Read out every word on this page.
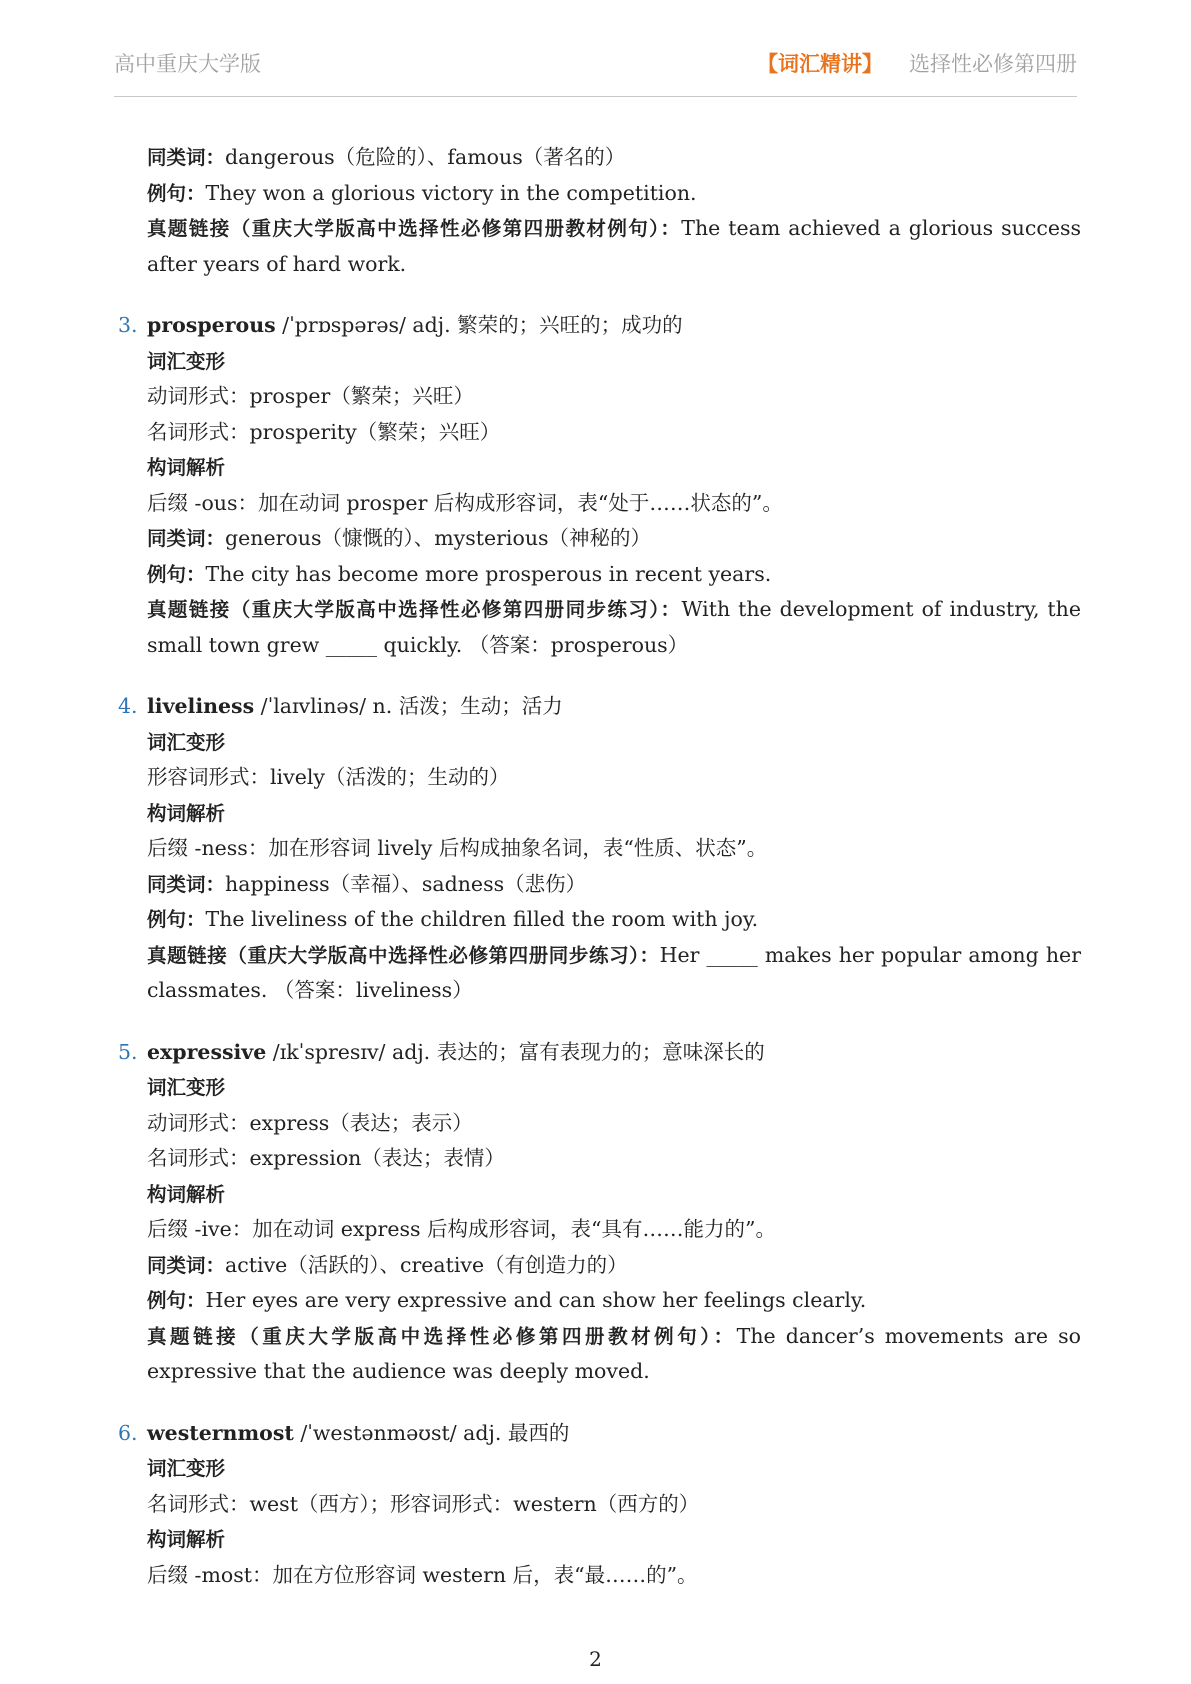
高中重庆大学版	【词汇精讲】 选择性必修第四册
同类词：dangerous（危险的）、famous（著名的）
例句：They won a glorious victory in the competition.
真题链接（重庆大学版高中选择性必修第四册教材例句）：The team achieved a glorious success after years of hard work.
3. prosperous /ˈprɒspərəs/ adj. 繁荣的；兴旺的；成功的
词汇变形
动词形式：prosper（繁荣；兴旺）
名词形式：prosperity（繁荣；兴旺）
构词解析
后缀 -ous：加在动词 prosper 后构成形容词，表“处于……状态的”。
同类词：generous（慷慨的）、mysterious（神秘的）
例句：The city has become more prosperous in recent years.
真题链接（重庆大学版高中选择性必修第四册同步练习）：With the development of industry, the small town grew _____ quickly. （答案：prosperous）
4. liveliness /ˈlaɪvlinəs/ n. 活泼；生动；活力
词汇变形
形容词形式：lively（活泼的；生动的）
构词解析
后缀 -ness：加在形容词 lively 后构成抽象名词，表“性质、状态”。
同类词：happiness（幸福）、sadness（悲伤）
例句：The liveliness of the children filled the room with joy.
真题链接（重庆大学版高中选择性必修第四册同步练习）：Her _____ makes her popular among her classmates. （答案：liveliness）
5. expressive /ɪkˈspresɪv/ adj. 表达的；富有表现力的；意味深长的
词汇变形
动词形式：express（表达；表示）
名词形式：expression（表达；表情）
构词解析
后缀 -ive：加在动词 express 后构成形容词，表“具有……能力的”。
同类词：active（活跃的）、creative（有创造力的）
例句：Her eyes are very expressive and can show her feelings clearly.
真题链接（重庆大学版高中选择性必修第四册教材例句）：The dancer’s movements are so expressive that the audience was deeply moved.
6. westernmost /ˈwestənməʊst/ adj. 最西的
词汇变形
名词形式：west（西方）；形容词形式：western（西方的）
构词解析
后缀 -most：加在方位形容词 western 后，表“最……的”。
2
